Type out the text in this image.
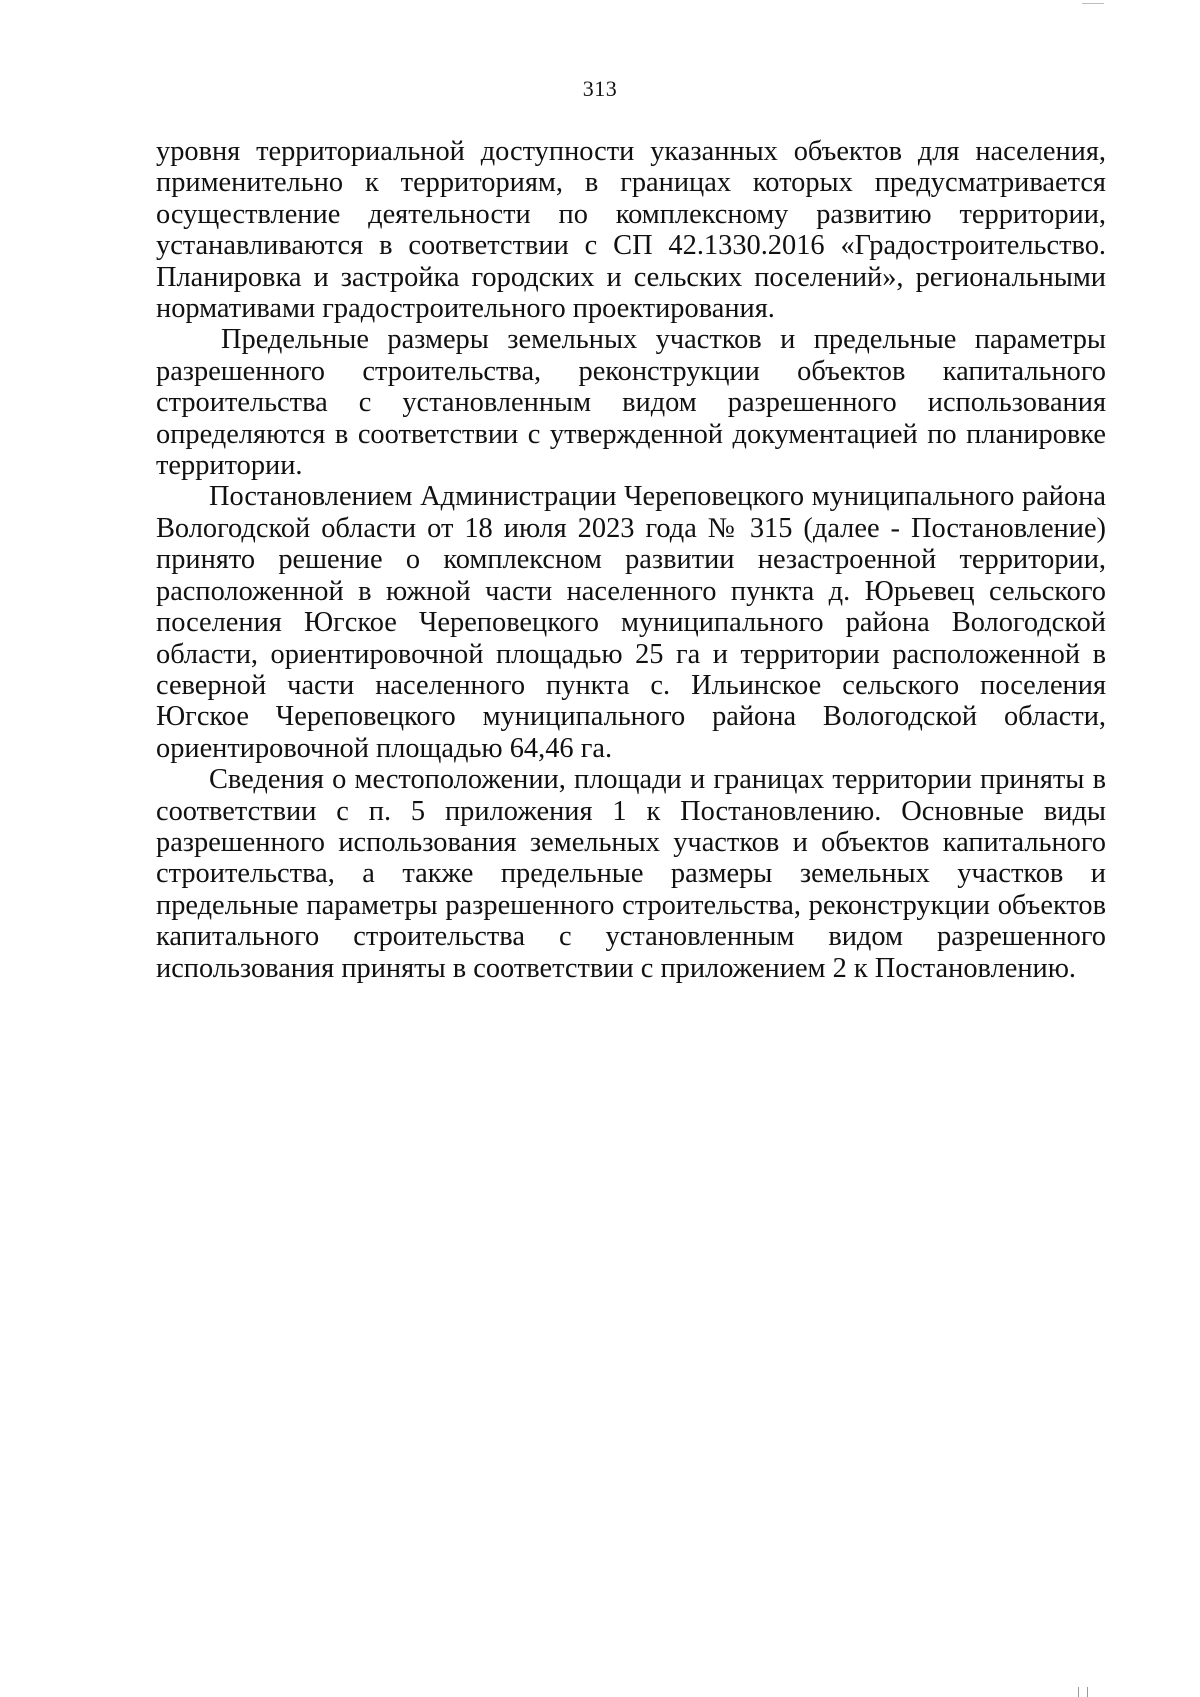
313

уровня территориальной доступности указанных объектов для населения, применительно к территориям, в границах которых предусматривается осуществление деятельности по комплексному развитию территории, устанавливаются в соответствии с СП 42.1330.2016 «Градостроительство. Планировка и застройка городских и сельских поселений», региональными нормативами градостроительного проектирования.

Предельные размеры земельных участков и предельные параметры разрешенного строительства, реконструкции объектов капитального строительства с установленным видом разрешенного использования определяются в соответствии с утвержденной документацией по планировке территории.

Постановлением Администрации Череповецкого муниципального района Вологодской области от 18 июля 2023 года № 315 (далее - Постановление) принято решение о комплексном развитии незастроенной территории, расположенной в южной части населенного пункта д. Юрьевец сельского поселения Югское Череповецкого муниципального района Вологодской области, ориентировочной площадью 25 га и территории расположенной в северной части населенного пункта с. Ильинское сельского поселения Югское Череповецкого муниципального района Вологодской области, ориентировочной площадью 64,46 га.

Сведения о местоположении, площади и границах территории приняты в соответствии с п. 5 приложения 1 к Постановлению. Основные виды разрешенного использования земельных участков и объектов капитального строительства, а также предельные размеры земельных участков и предельные параметры разрешенного строительства, реконструкции объектов капитального строительства с установленным видом разрешенного использования приняты в соответствии с приложением 2 к Постановлению.
